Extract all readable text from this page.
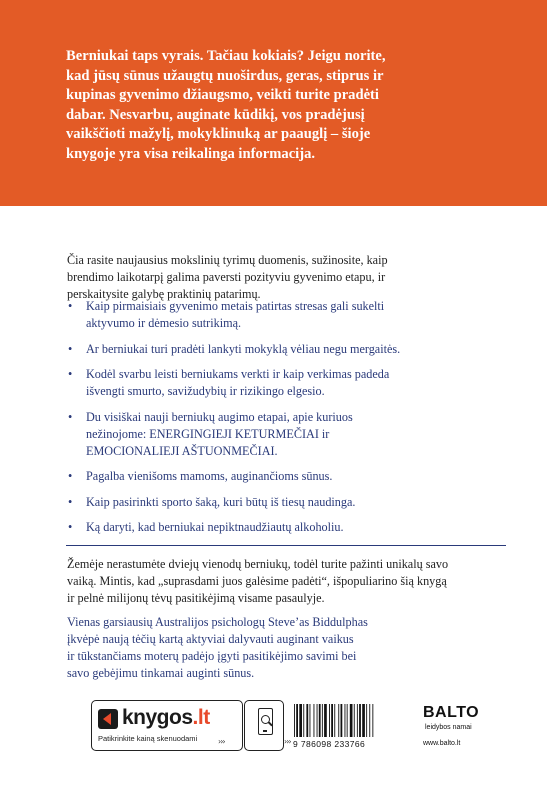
Berniukai taps vyrais. Tačiau kokiais? Jeigu norite,
kad jūsų sūnus užaugtų nuoširdus, geras, stiprus ir
kupinas gyvenimo džiaugsmo, veikti turite pradėti
dabar. Nesvarbu, auginate kūdikį, vos pradėjusį
vaikščioti mažylį, mokyklinuką ar paauglį – šioje
knygoje yra visa reikalinga informacija.
Čia rasite naujausius mokslinių tyrimų duomenis, sužinosite, kaip
brendimo laikotarpį galima paversti pozityviu gyvenimo etapu, ir
perskaitysite galybę praktinių patarimų.
• Kaip pirmaisiais gyvenimo metais patirtas stresas gali sukelti
aktyvumo ir dėmesio sutrikimą.
• Ar berniukai turi pradėti lankyti mokyklą vėliau negu mergaitės.
• Kodėl svarbu leisti berniukams verkti ir kaip verkimas padeda
išvengti smurto, savižudybių ir rizikingo elgesio.
• Du visiškai nauji berniukų augimo etapai, apie kuriuos
nežinojome: ENERGINGIEJI KETURMEČIAI ir
EMOCIONALIEJI AŠTUONMEČIAI.
• Pagalba vienišoms mamoms, auginančioms sūnus.
• Kaip pasirinkti sporto šaką, kuri būtų iš tiesų naudinga.
• Ką daryti, kad berniukai nepiktnaudžiautų alkoholiu.
Žemėje nerastumėte dviejų vienodų berniukų, todėl turite pažinti unikalų savo
vaiką. Mintis, kad „suprasdami juos galėsime padėti“, išpopuliarino šią knygą
ir pelnė milijonų tėvų pasitikėjimą visame pasaulyje.
Vienas garsiausių Australijos psichologų Steve’as Biddulphas
įkvėpė naują tėčių kartą aktyviai dalyvauti auginant vaikus
ir tūkstančiams moterų padėjo įgyti pasitikėjimo savimi bei
savo gebėjimu tinkamai auginti sūnus.
knygos.lt
Patikrinkite kainą skenuodami	›››	››› 9 786098 233766
BALTO
leidybos namai
www.balto.lt
